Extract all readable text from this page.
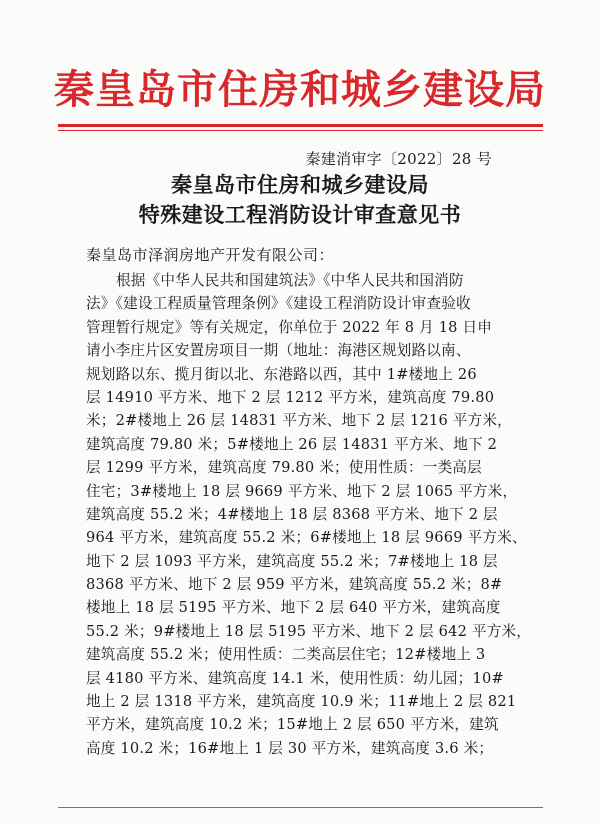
秦皇岛市住房和城乡建设局
秦建消审字〔2022〕28 号
秦皇岛市住房和城乡建设局
特殊建设工程消防设计审查意见书
秦皇岛市泽润房地产开发有限公司：
根据《中华人民共和国建筑法》《中华人民共和国消防
法》《建设工程质量管理条例》《建设工程消防设计审查验收
管理暂行规定》等有关规定，你单位于 2022 年 8 月 18 日申
请小李庄片区安置房项目一期（地址：海港区规划路以南、
规划路以东、揽月街以北、东港路以西，其中 1#楼地上 26
层 14910 平方米、地下 2 层 1212 平方米，建筑高度 79.80
米；2#楼地上 26 层 14831 平方米、地下 2 层 1216 平方米，
建筑高度 79.80 米；5#楼地上 26 层 14831 平方米、地下 2
层 1299 平方米，建筑高度 79.80 米；使用性质：一类高层
住宅；3#楼地上 18 层 9669 平方米、地下 2 层 1065 平方米，
建筑高度 55.2 米；4#楼地上 18 层 8368 平方米、地下 2 层
964 平方米，建筑高度 55.2 米；6#楼地上 18 层 9669 平方米、
地下 2 层 1093 平方米，建筑高度 55.2 米；7#楼地上 18 层
8368 平方米、地下 2 层 959 平方米，建筑高度 55.2 米；8#
楼地上 18 层 5195 平方米、地下 2 层 640 平方米，建筑高度
55.2 米；9#楼地上 18 层 5195 平方米、地下 2 层 642 平方米，
建筑高度 55.2 米；使用性质：二类高层住宅；12#楼地上 3
层 4180 平方米、建筑高度 14.1 米，使用性质：幼儿园；10#
地上 2 层 1318 平方米，建筑高度 10.9 米；11#地上 2 层 821
平方米，建筑高度 10.2 米；15#地上 2 层 650 平方米，建筑
高度 10.2 米；16#地上 1 层 30 平方米，建筑高度 3.6 米；
